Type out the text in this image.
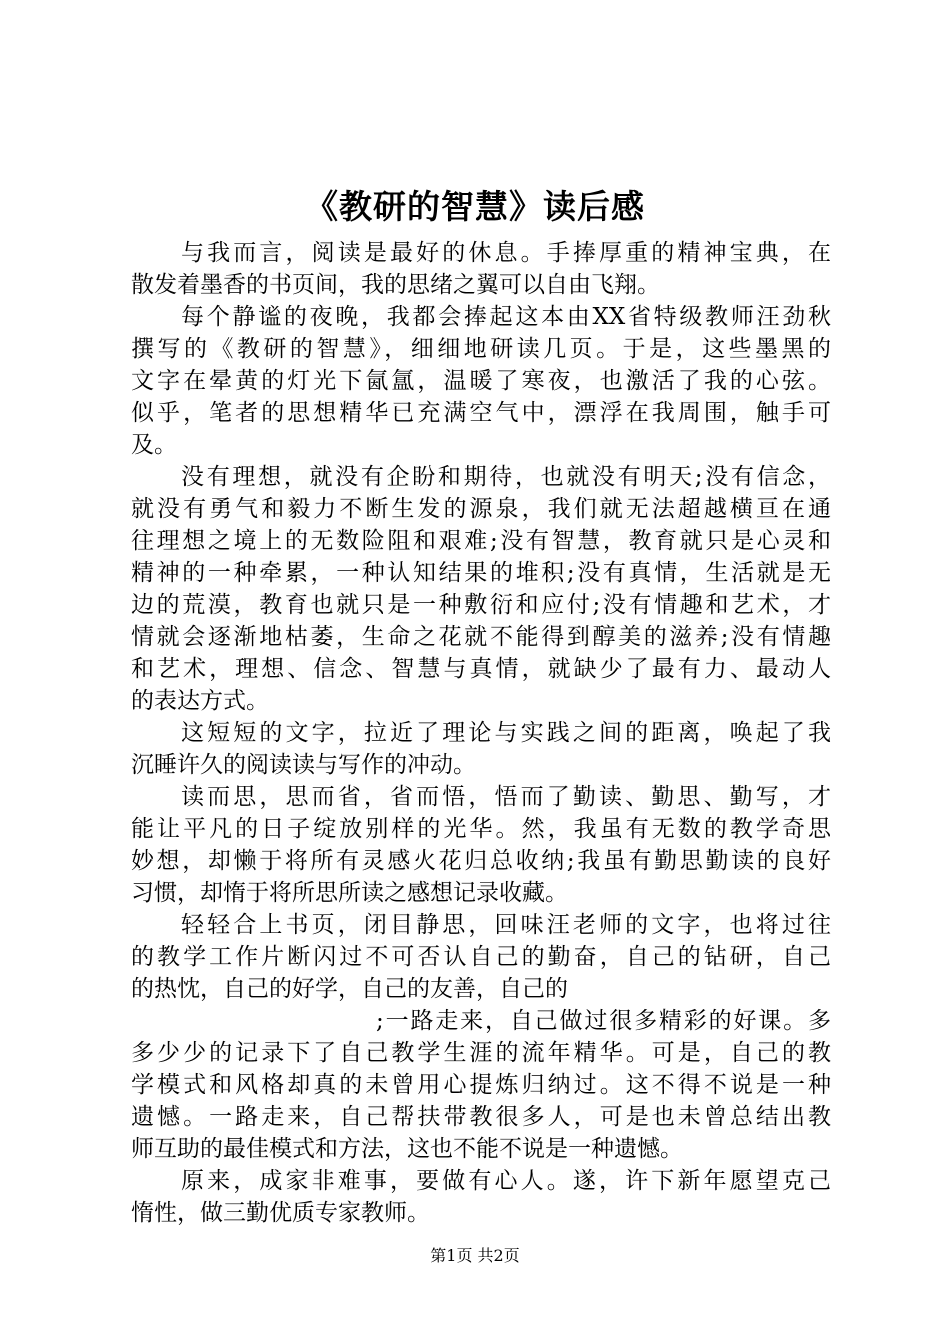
《教研的智慧》读后感
与我而言，阅读是最好的休息。手捧厚重的精神宝典，在
散发着墨香的书页间，我的思绪之翼可以自由飞翔。
每个静谧的夜晚，我都会捧起这本由XX省特级教师汪劲秋
撰写的《教研的智慧》，细细地研读几页。于是，这些墨黑的
文字在晕黄的灯光下氤氲，温暖了寒夜，也激活了我的心弦。
似乎，笔者的思想精华已充满空气中，漂浮在我周围，触手可
及。
没有理想，就没有企盼和期待，也就没有明天;没有信念，
就没有勇气和毅力不断生发的源泉，我们就无法超越横亘在通
往理想之境上的无数险阻和艰难;没有智慧，教育就只是心灵和
精神的一种牵累，一种认知结果的堆积;没有真情，生活就是无
边的荒漠，教育也就只是一种敷衍和应付;没有情趣和艺术，才
情就会逐渐地枯萎，生命之花就不能得到醇美的滋养;没有情趣
和艺术，理想、信念、智慧与真情，就缺少了最有力、最动人
的表达方式。
这短短的文字，拉近了理论与实践之间的距离，唤起了我
沉睡许久的阅读读与写作的冲动。
读而思，思而省，省而悟，悟而了勤读、勤思、勤写，才
能让平凡的日子绽放别样的光华。然，我虽有无数的教学奇思
妙想，却懒于将所有灵感火花归总收纳;我虽有勤思勤读的良好
习惯，却惰于将所思所读之感想记录收藏。
轻轻合上书页，闭目静思，回味汪老师的文字，也将过往
的教学工作片断闪过不可否认自己的勤奋，自己的钻研，自己
的热忱，自己的好学，自己的友善，自己的
;一路走来，自己做过很多精彩的好课。多
多少少的记录下了自己教学生涯的流年精华。可是，自己的教
学模式和风格却真的未曾用心提炼归纳过。这不得不说是一种
遗憾。一路走来，自己帮扶带教很多人，可是也未曾总结出教
师互助的最佳模式和方法，这也不能不说是一种遗憾。
原来，成家非难事，要做有心人。遂，许下新年愿望克己
惰性，做三勤优质专家教师。
第1页 共2页
